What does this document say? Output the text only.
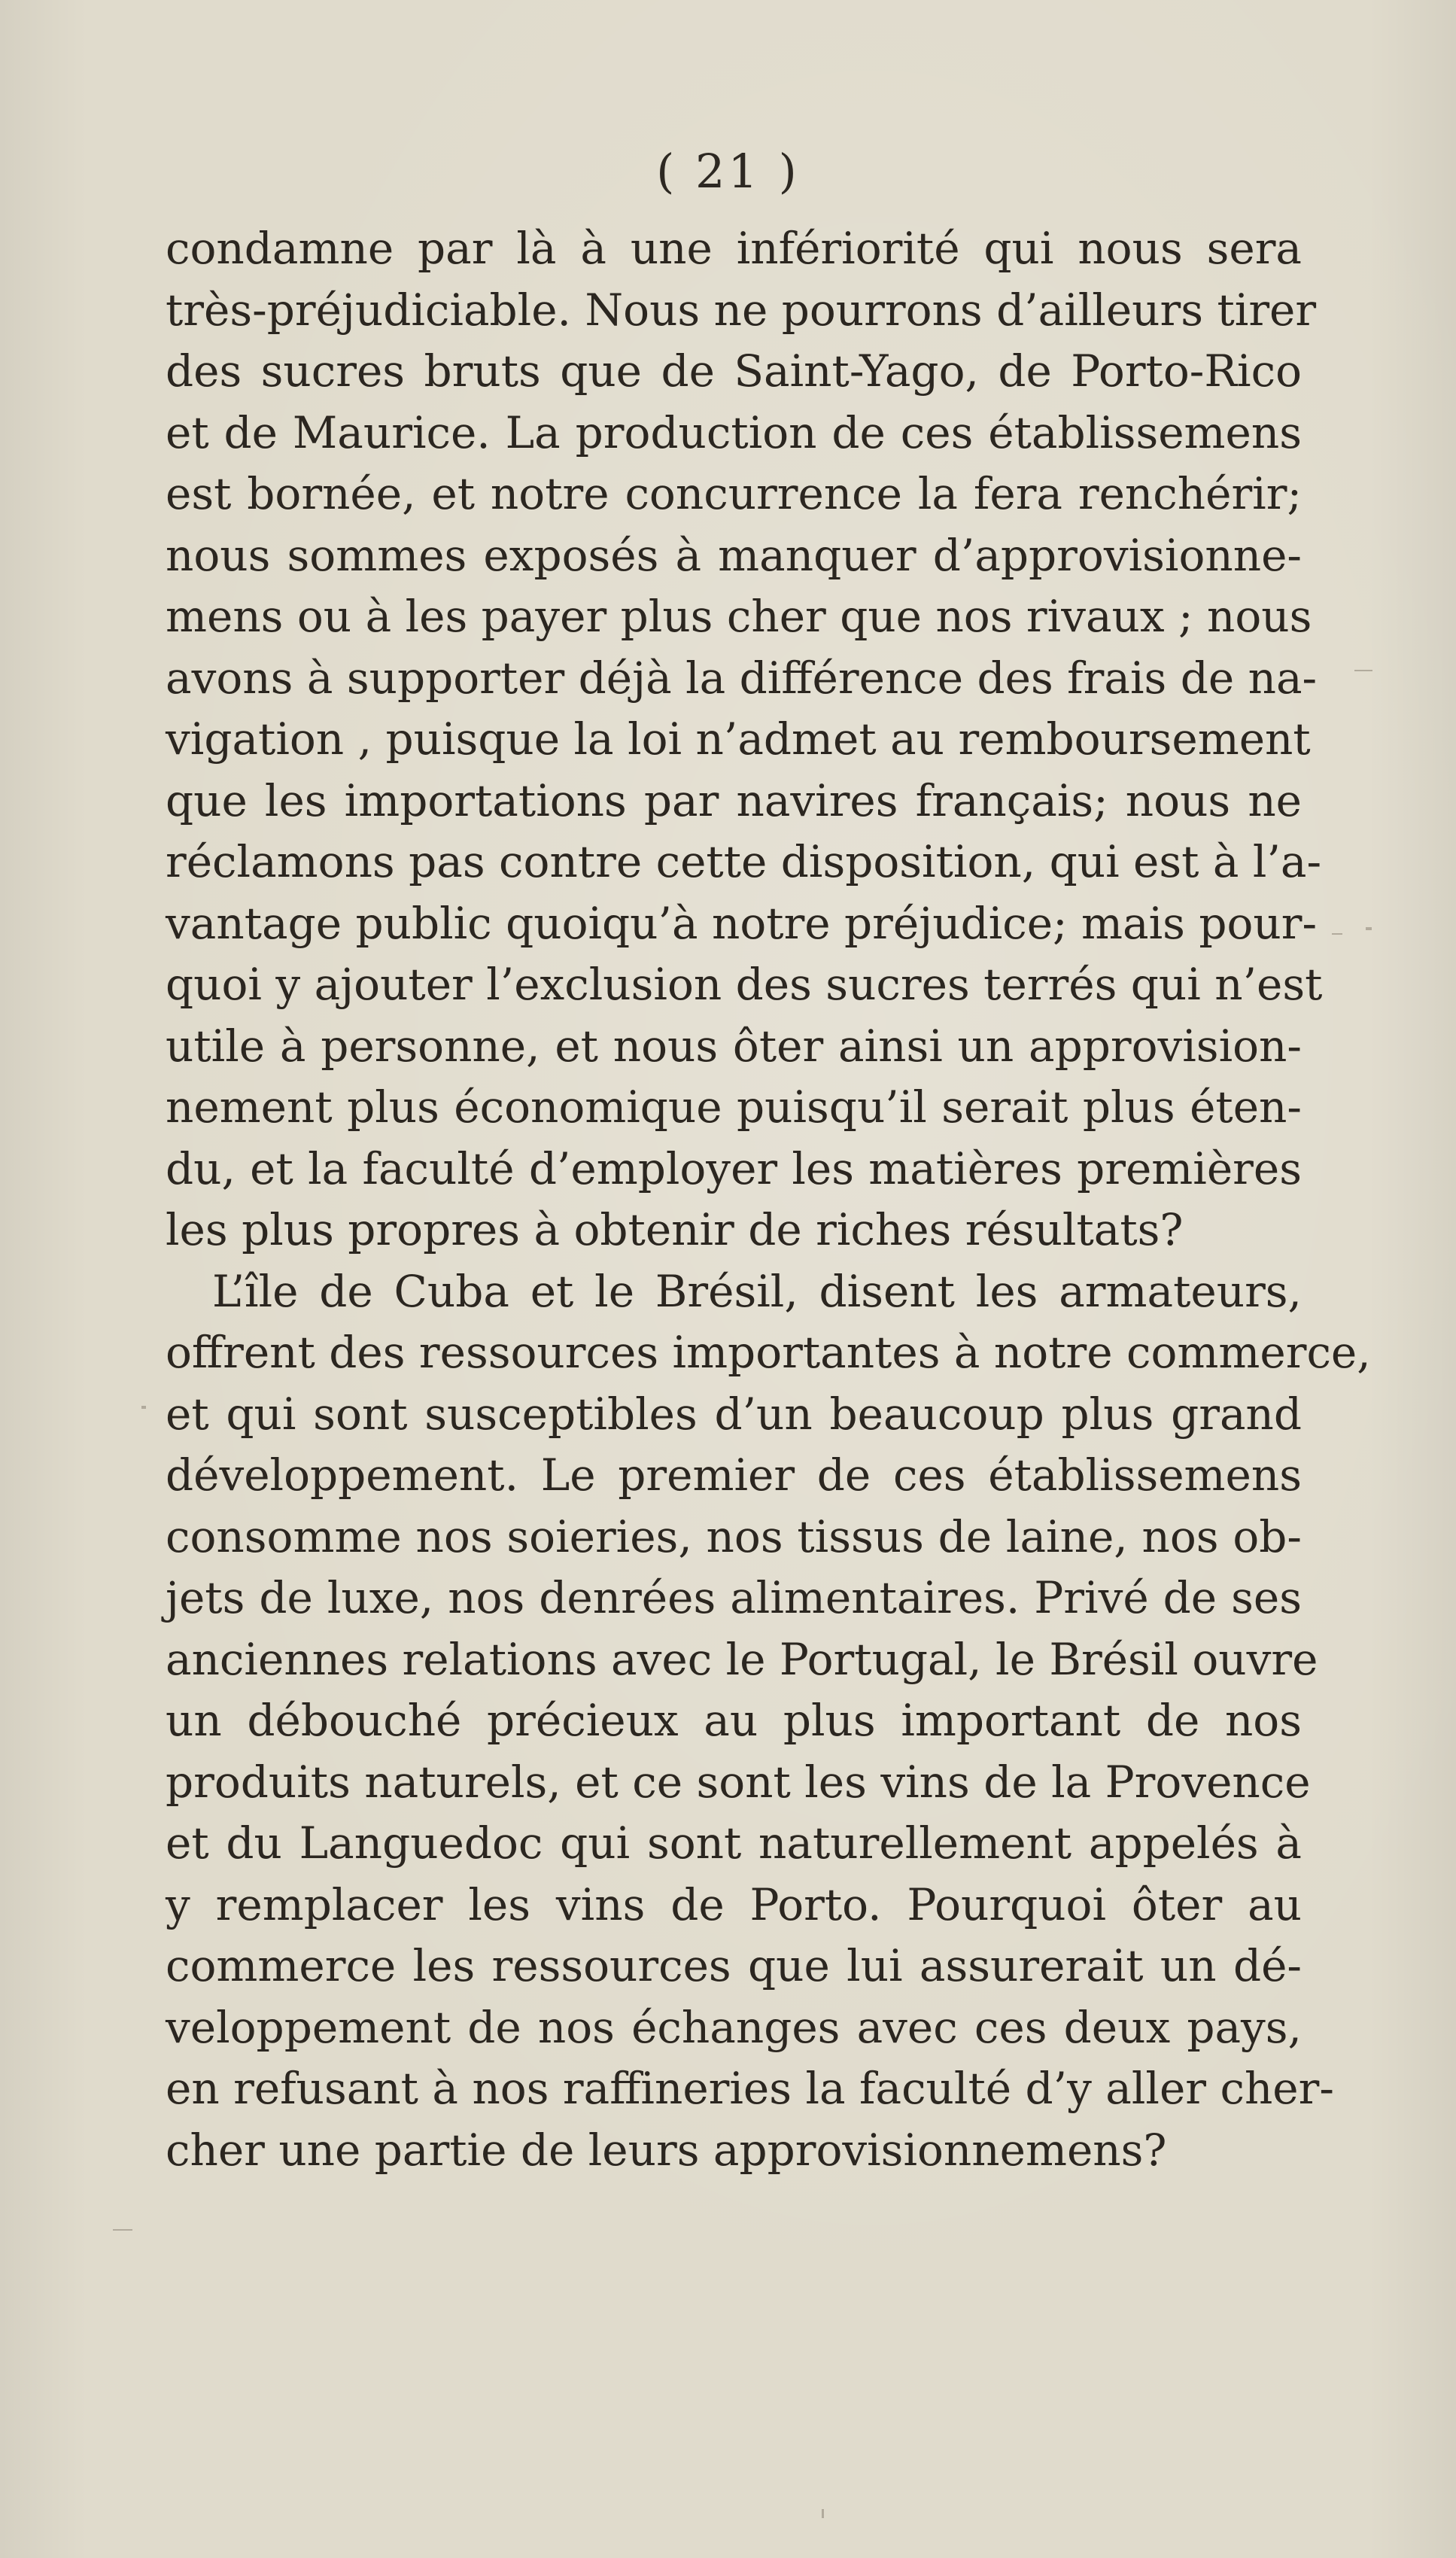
( 21 )
condamne par là à une infériorité qui nous sera
très-préjudiciable. Nous ne pourrons d’ailleurs tirer
des sucres bruts que de Saint-Yago, de Porto-Rico
et de Maurice. La production de ces établissemens
est bornée, et notre concurrence la fera renchérir;
nous sommes exposés à manquer d’approvisionne-
mens ou à les payer plus cher que nos rivaux ; nous
avons à supporter déjà la différence des frais de na-
vigation , puisque la loi n’admet au remboursement
que les importations par navires français; nous ne
réclamons pas contre cette disposition, qui est à l’a-
vantage public quoiqu’à notre préjudice; mais pour-
quoi y ajouter l’exclusion des sucres terrés qui n’est
utile à personne, et nous ôter ainsi un approvision-
nement plus économique puisqu’il serait plus éten-
du, et la faculté d’employer les matières premières
les plus propres à obtenir de riches résultats?
L’île de Cuba et le Brésil, disent les armateurs,
offrent des ressources importantes à notre commerce,
et qui sont susceptibles d’un beaucoup plus grand
développement. Le premier de ces établissemens
consomme nos soieries, nos tissus de laine, nos ob-
jets de luxe, nos denrées alimentaires. Privé de ses
anciennes relations avec le Portugal, le Brésil ouvre
un débouché précieux au plus important de nos
produits naturels, et ce sont les vins de la Provence
et du Languedoc qui sont naturellement appelés à
y remplacer les vins de Porto. Pourquoi ôter au
commerce les ressources que lui assurerait un dé-
veloppement de nos échanges avec ces deux pays,
en refusant à nos raffineries la faculté d’y aller cher-
cher une partie de leurs approvisionnemens?
